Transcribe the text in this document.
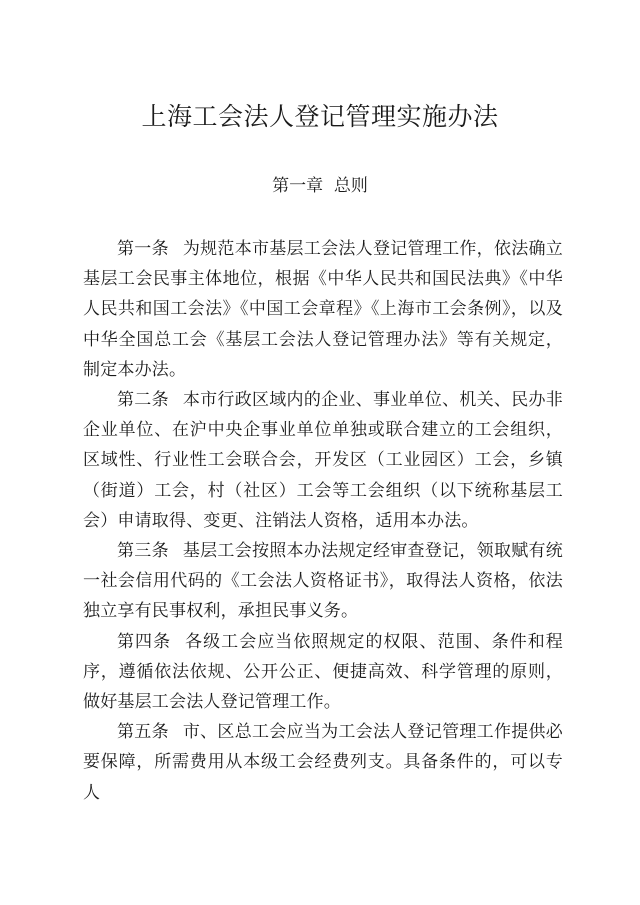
上海工会法人登记管理实施办法
第一章  总则

第一条 为规范本市基层工会法人登记管理工作，依法确立基层工会民事主体地位，根据《中华人民共和国民法典》《中华人民共和国工会法》《中国工会章程》《上海市工会条例》，以及中华全国总工会《基层工会法人登记管理办法》等有关规定，制定本办法。

第二条 本市行政区域内的企业、事业单位、机关、民办非企业单位、在沪中央企事业单位单独或联合建立的工会组织，区域性、行业性工会联合会，开发区（工业园区）工会，乡镇（街道）工会，村（社区）工会等工会组织（以下统称基层工会）申请取得、变更、注销法人资格，适用本办法。

第三条 基层工会按照本办法规定经审查登记，领取赋有统一社会信用代码的《工会法人资格证书》，取得法人资格，依法独立享有民事权利，承担民事义务。

第四条 各级工会应当依照规定的权限、范围、条件和程序，遵循依法依规、公开公正、便捷高效、科学管理的原则，做好基层工会法人登记管理工作。

第五条 市、区总工会应当为工会法人登记管理工作提供必要保障，所需费用从本级工会经费列支。具备条件的，可以专人
